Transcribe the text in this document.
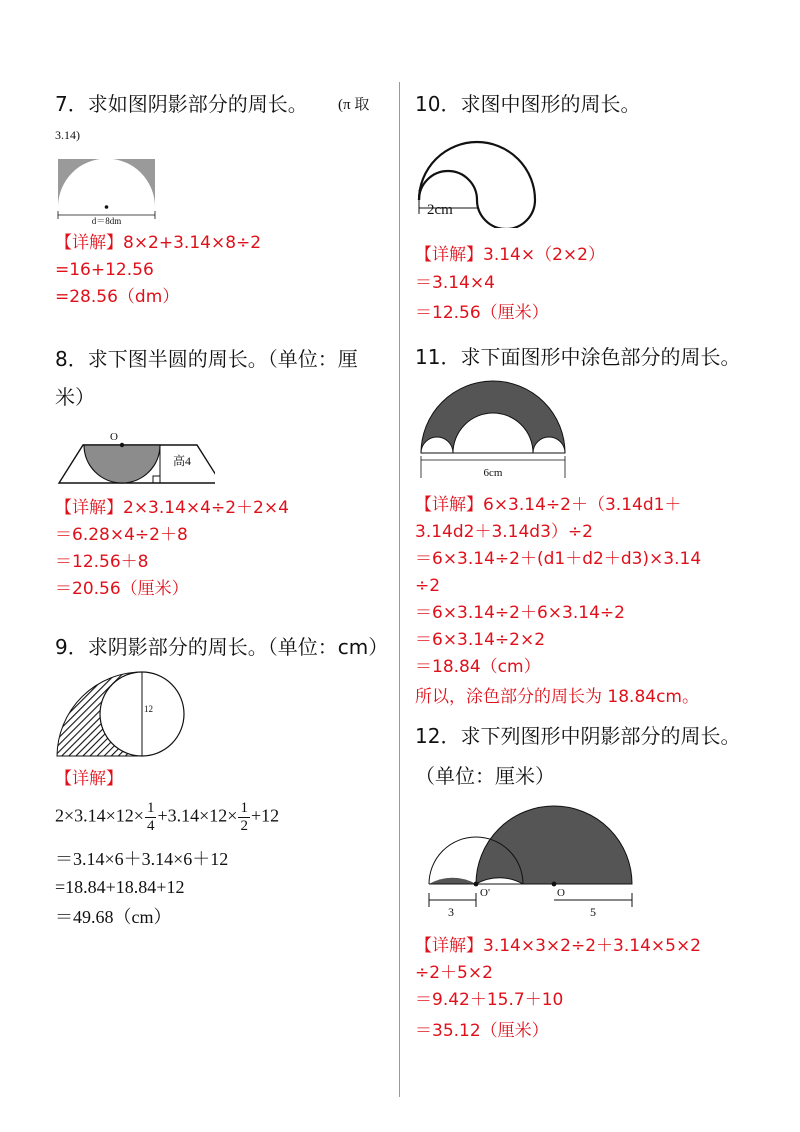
7．求如图阴影部分的周长。 (π 取
3.14)
d＝8dm
【详解】8×2+3.14×8÷2
=16+12.56
=28.56（dm）
8．求下图半圆的周长。（单位：厘
米）
O
高4
【详解】2×3.14×4÷2＋2×4
＝6.28×4÷2＋8
＝12.56＋8
＝20.56（厘米）
9．求阴影部分的周长。（单位：cm）
12
【详解】
$2\times 3.14\times 12\times \frac{1}{4} +3.14\times 12\times \frac{1}{2} +12$
＝3.14×6＋3.14×6＋12
=18.84+18.84+12
＝49.68（cm）
10．求图中图形的周长。
2cm
【详解】3.14×（2×2）
＝3.14×4
＝12.56（厘米）
11．求下面图形中涂色部分的周长。
6cm
【详解】6×3.14÷2＋（3.14d1＋
3.14d2＋3.14d3）÷2
＝6×3.14÷2＋(d1＋d2＋d3)×3.14
÷2
＝6×3.14÷2＋6×3.14÷2
＝6×3.14÷2×2
＝18.84（cm）
所以，涂色部分的周长为 18.84cm。
12．求下列图形中阴影部分的周长。
（单位：厘米）
O'	O
3	5
【详解】3.14×3×2÷2＋3.14×5×2
÷2＋5×2
＝9.42＋15.7＋10
＝35.12（厘米）
